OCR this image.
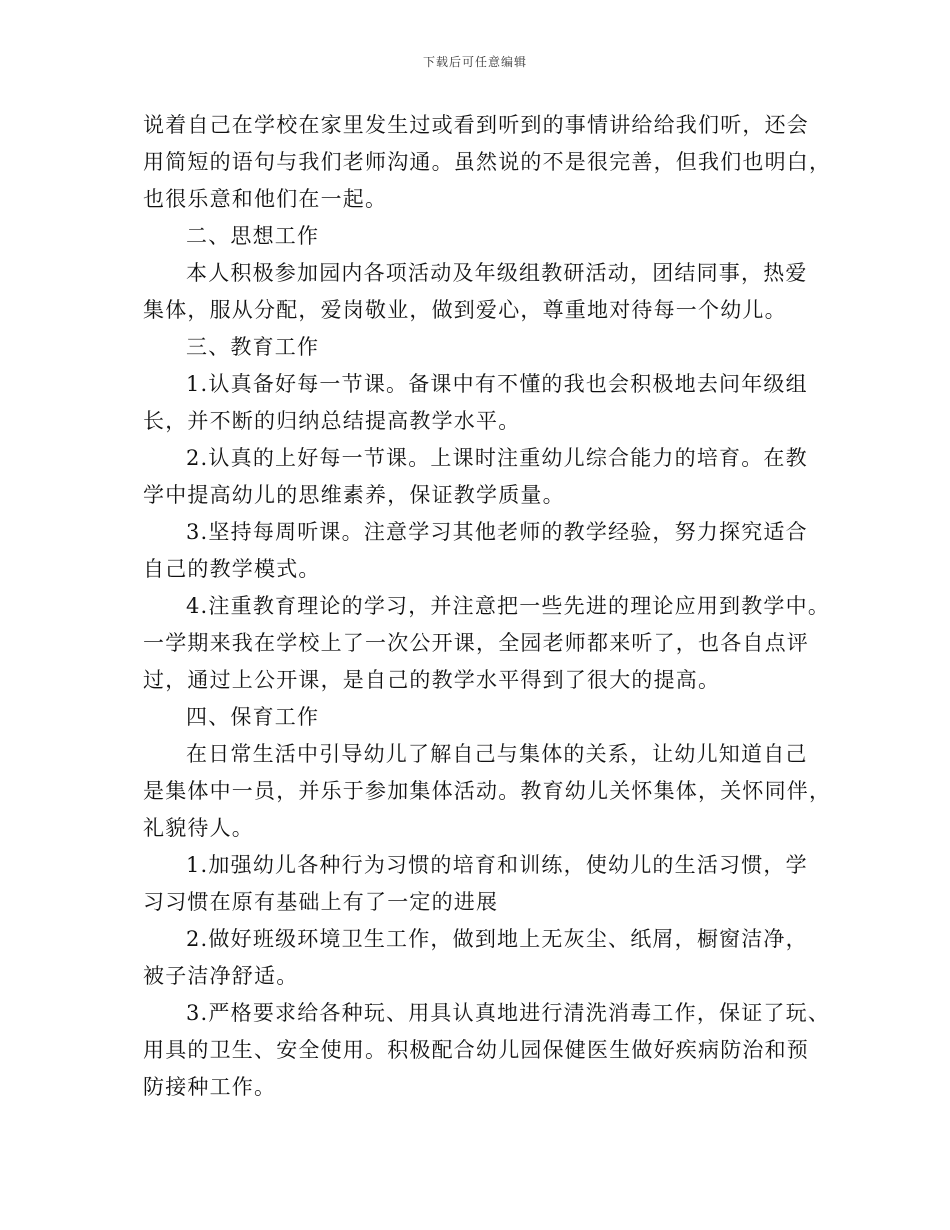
下载后可任意编辑
说着自己在学校在家里发生过或看到听到的事情讲给给我们听，还会
用简短的语句与我们老师沟通。虽然说的不是很完善，但我们也明白，
也很乐意和他们在一起。
二、思想工作
本人积极参加园内各项活动及年级组教研活动，团结同事，热爱
集体，服从分配，爱岗敬业，做到爱心，尊重地对待每一个幼儿。
三、教育工作
1.认真备好每一节课。备课中有不懂的我也会积极地去问年级组
长，并不断的归纳总结提高教学水平。
2.认真的上好每一节课。上课时注重幼儿综合能力的培育。在教
学中提高幼儿的思维素养，保证教学质量。
3.坚持每周听课。注意学习其他老师的教学经验，努力探究适合
自己的教学模式。
4.注重教育理论的学习，并注意把一些先进的理论应用到教学中。
一学期来我在学校上了一次公开课，全园老师都来听了，也各自点评
过，通过上公开课，是自己的教学水平得到了很大的提高。
四、保育工作
在日常生活中引导幼儿了解自己与集体的关系，让幼儿知道自己
是集体中一员，并乐于参加集体活动。教育幼儿关怀集体，关怀同伴，
礼貌待人。
1.加强幼儿各种行为习惯的培育和训练，使幼儿的生活习惯，学
习习惯在原有基础上有了一定的进展
2.做好班级环境卫生工作，做到地上无灰尘、纸屑，橱窗洁净，
被子洁净舒适。
3.严格要求给各种玩、用具认真地进行清洗消毒工作，保证了玩、
用具的卫生、安全使用。积极配合幼儿园保健医生做好疾病防治和预
防接种工作。
